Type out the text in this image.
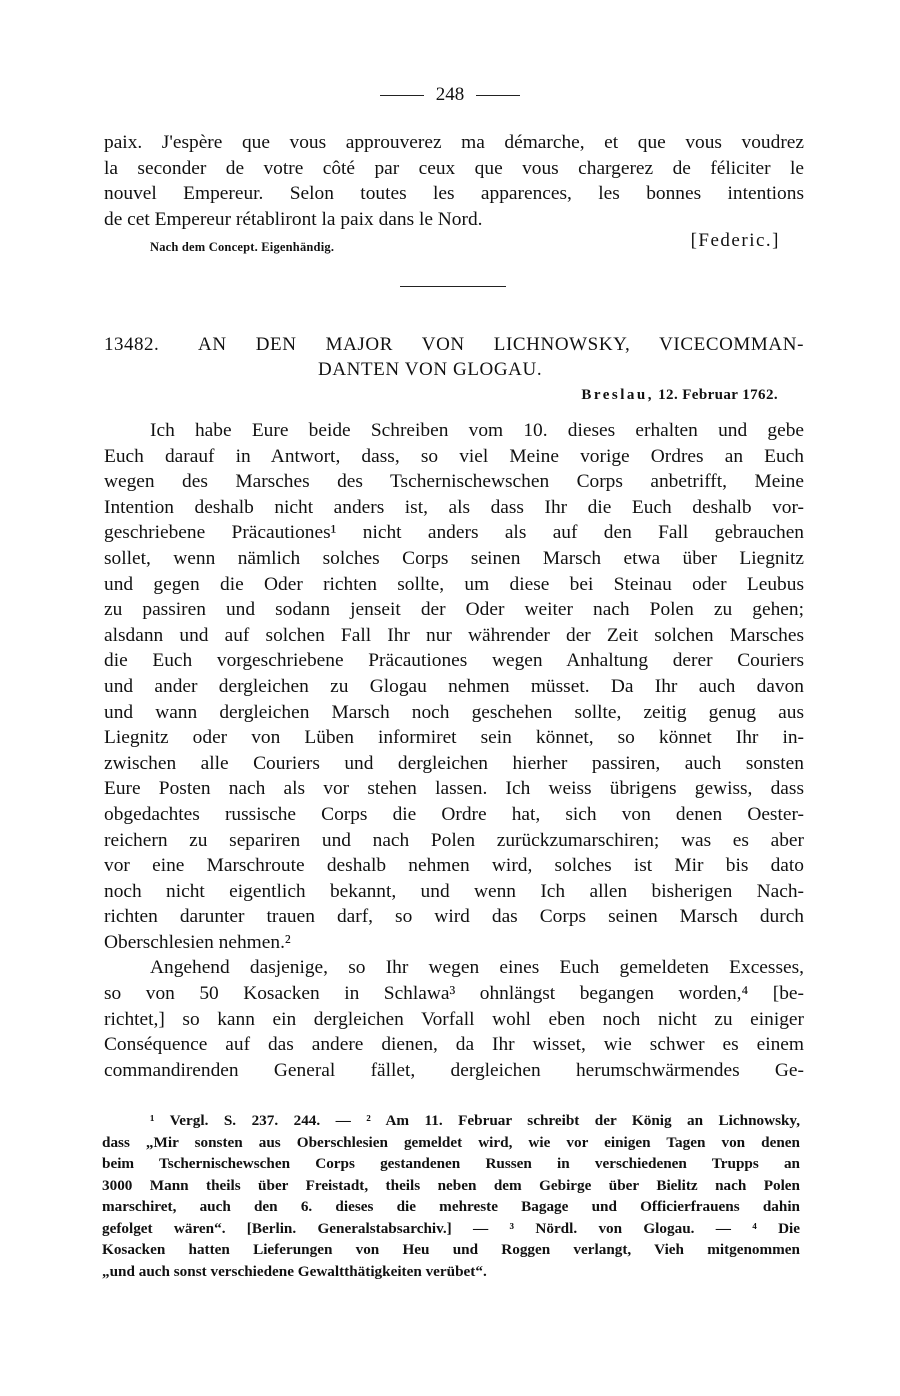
248

paix. J'espère que vous approuverez ma démarche, et que vous voudrez
la seconder de votre côté par ceux que vous chargerez de féliciter le
nouvel Empereur. Selon toutes les apparences, les bonnes intentions
de cet Empereur rétabliront la paix dans le Nord.

Nach dem Concept. Eigenhändig.	[Federic.]
13482. AN DEN MAJOR VON LICHNOWSKY, VICECOMMAN-
DANTEN VON GLOGAU.
Breslau, 12. Februar 1762.

Ich habe Eure beide Schreiben vom 10. dieses erhalten und gebe
Euch darauf in Antwort, dass, so viel Meine vorige Ordres an Euch
wegen des Marsches des Tschernischewschen Corps anbetrifft, Meine
Intention deshalb nicht anders ist, als dass Ihr die Euch deshalb vor-
geschriebene Präcautiones¹ nicht anders als auf den Fall gebrauchen
sollet, wenn nämlich solches Corps seinen Marsch etwa über Liegnitz
und gegen die Oder richten sollte, um diese bei Steinau oder Leubus
zu passiren und sodann jenseit der Oder weiter nach Polen zu gehen;
alsdann und auf solchen Fall Ihr nur währender der Zeit solchen Marsches
die Euch vorgeschriebene Präcautiones wegen Anhaltung derer Couriers
und ander dergleichen zu Glogau nehmen müsset. Da Ihr auch davon
und wann dergleichen Marsch noch geschehen sollte, zeitig genug aus
Liegnitz oder von Lüben informiret sein könnet, so könnet Ihr in-
zwischen alle Couriers und dergleichen hierher passiren, auch sonsten
Eure Posten nach als vor stehen lassen. Ich weiss übrigens gewiss, dass
obgedachtes russische Corps die Ordre hat, sich von denen Oester-
reichern zu separiren und nach Polen zurückzumarschiren; was es aber
vor eine Marschroute deshalb nehmen wird, solches ist Mir bis dato
noch nicht eigentlich bekannt, und wenn Ich allen bisherigen Nach-
richten darunter trauen darf, so wird das Corps seinen Marsch durch
Oberschlesien nehmen.²

Angehend dasjenige, so Ihr wegen eines Euch gemeldeten Excesses,
so von 50 Kosacken in Schlawa³ ohnlängst begangen worden,⁴ [be-
richtet,] so kann ein dergleichen Vorfall wohl eben noch nicht zu einiger
Conséquence auf das andere dienen, da Ihr wisset, wie schwer es einem
commandirenden General fället, dergleichen herumschwärmendes Ge-

¹ Vergl. S. 237. 244. — ² Am 11. Februar schreibt der König an Lichnowsky,
dass „Mir sonsten aus Oberschlesien gemeldet wird, wie vor einigen Tagen von denen
beim Tschernischewschen Corps gestandenen Russen in verschiedenen Trupps an
3000 Mann theils über Freistadt, theils neben dem Gebirge über Bielitz nach Polen
marschiret, auch den 6. dieses die mehreste Bagage und Officierfrauens dahin
gefolget wären“. [Berlin. Generalstabsarchiv.] — ³ Nördl. von Glogau. — ⁴ Die
Kosacken hatten Lieferungen von Heu und Roggen verlangt, Vieh mitgenommen
„und auch sonst verschiedene Gewaltthätigkeiten verübet“.
